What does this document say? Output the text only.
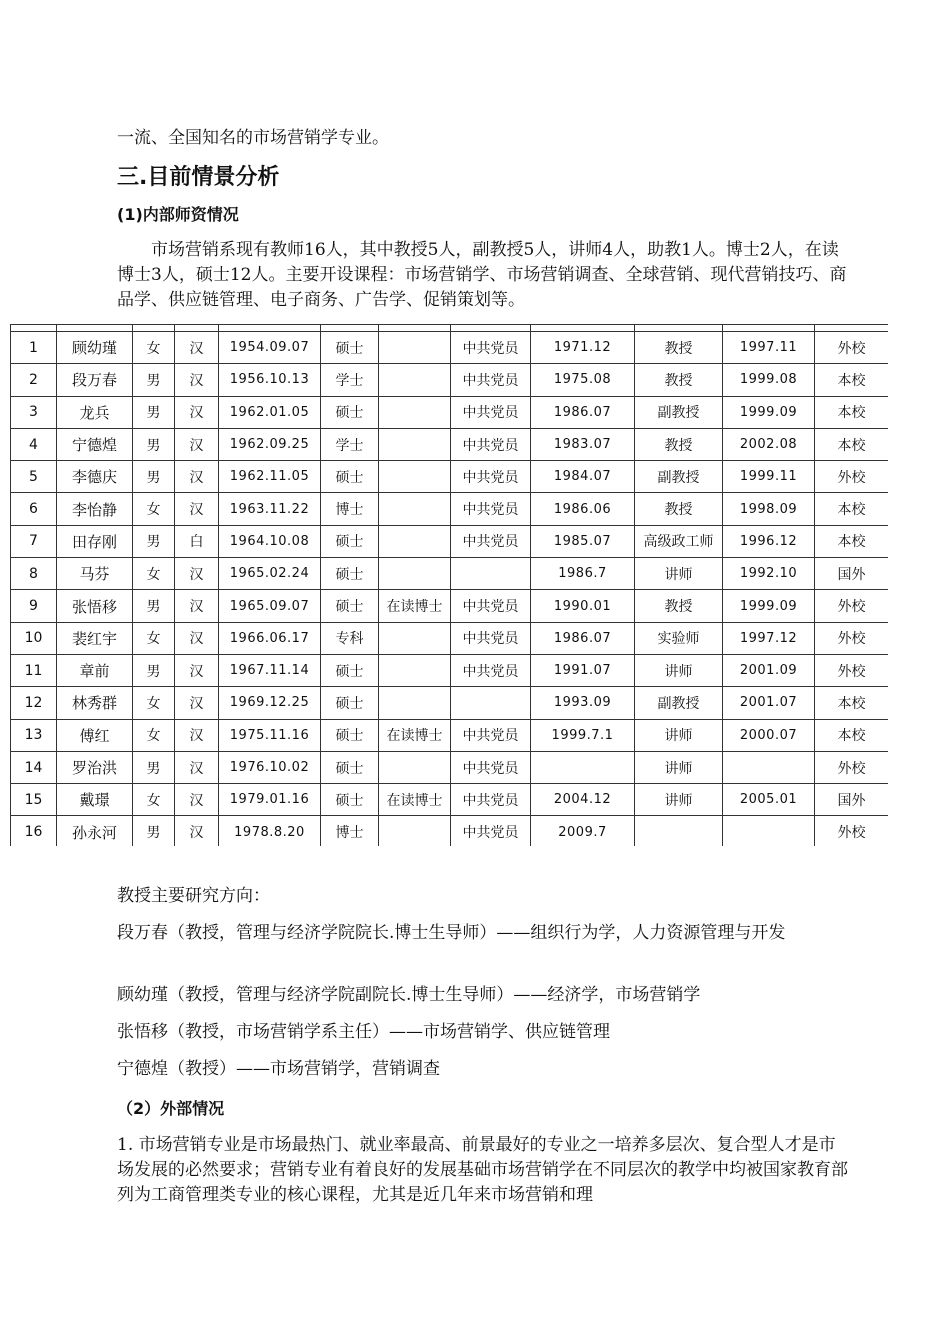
一流、全国知名的市场营销学专业。

三.目前情景分析
(1)内部师资情况

市场营销系现有教师16人，其中教授5人，副教授5人，讲师4人，助教1人。博士2人，在读博士3人，硕士12人。主要开设课程：市场营销学、市场营销调查、全球营销、现代营销技巧、商品学、供应链管理、电子商务、广告学、促销策划等。

1	顾幼瑾	女	汉	1954.09.07	硕士		中共党员	1971.12	教授	1997.11	外校
2	段万春	男	汉	1956.10.13	学士		中共党员	1975.08	教授	1999.08	本校
3	龙兵	男	汉	1962.01.05	硕士		中共党员	1986.07	副教授	1999.09	本校
4	宁德煌	男	汉	1962.09.25	学士		中共党员	1983.07	教授	2002.08	本校
5	李德庆	男	汉	1962.11.05	硕士		中共党员	1984.07	副教授	1999.11	外校
6	李怡静	女	汉	1963.11.22	博士		中共党员	1986.06	教授	1998.09	本校
7	田存刚	男	白	1964.10.08	硕士		中共党员	1985.07	高级政工师	1996.12	本校
8	马芬	女	汉	1965.02.24	硕士			1986.7	讲师	1992.10	国外
9	张悟移	男	汉	1965.09.07	硕士	在读博士	中共党员	1990.01	教授	1999.09	外校
10	裴红宇	女	汉	1966.06.17	专科		中共党员	1986.07	实验师	1997.12	外校
11	章前	男	汉	1967.11.14	硕士		中共党员	1991.07	讲师	2001.09	外校
12	林秀群	女	汉	1969.12.25	硕士			1993.09	副教授	2001.07	本校
13	傅红	女	汉	1975.11.16	硕士	在读博士	中共党员	1999.7.1	讲师	2000.07	本校
14	罗治洪	男	汉	1976.10.02	硕士		中共党员		讲师		外校
15	戴璟	女	汉	1979.01.16	硕士	在读博士	中共党员	2004.12	讲师	2005.01	国外
16	孙永河	男	汉	1978.8.20	博士		中共党员	2009.7			外校

教授主要研究方向：

段万春（教授，管理与经济学院院长.博士生导师）——组织行为学，人力资源管理与开发

顾幼瑾（教授，管理与经济学院副院长.博士生导师）——经济学，市场营销学

张悟移（教授，市场营销学系主任）——市场营销学、供应链管理

宁德煌（教授）——市场营销学，营销调查

（2）外部情况

1. 市场营销专业是市场最热门、就业率最高、前景最好的专业之一培养多层次、复合型人才是市场发展的必然要求；营销专业有着良好的发展基础市场营销学在不同层次的教学中均被国家教育部列为工商管理类专业的核心课程，尤其是近几年来市场营销和理
